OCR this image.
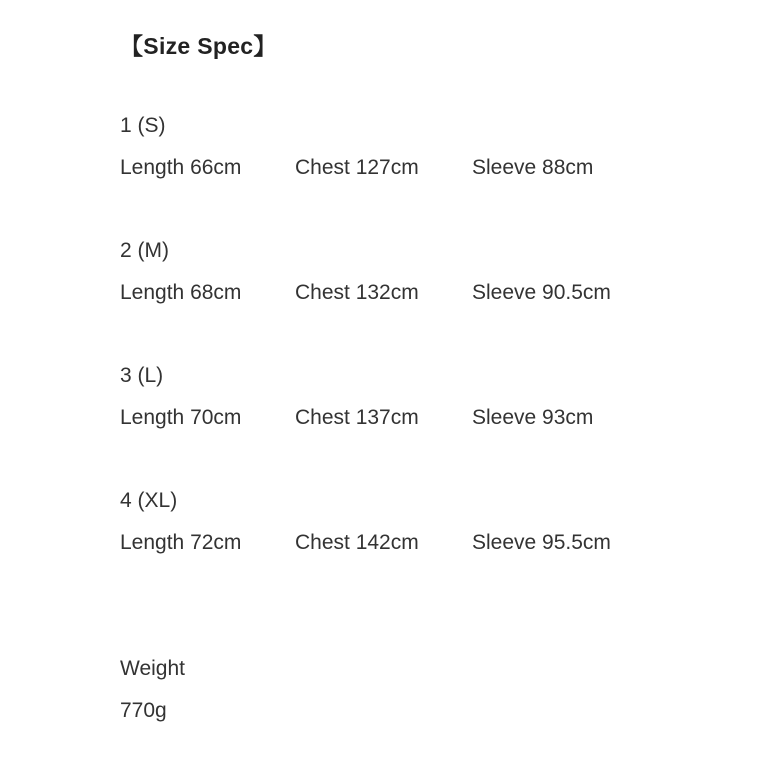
【Size Spec】
1 (S)
Length 66cm	Chest 127cm	Sleeve 88cm
2 (M)
Length 68cm	Chest 132cm	Sleeve 90.5cm
3 (L)
Length 70cm	Chest 137cm	Sleeve 93cm
4 (XL)
Length 72cm	Chest 142cm	Sleeve 95.5cm
Weight
770g
